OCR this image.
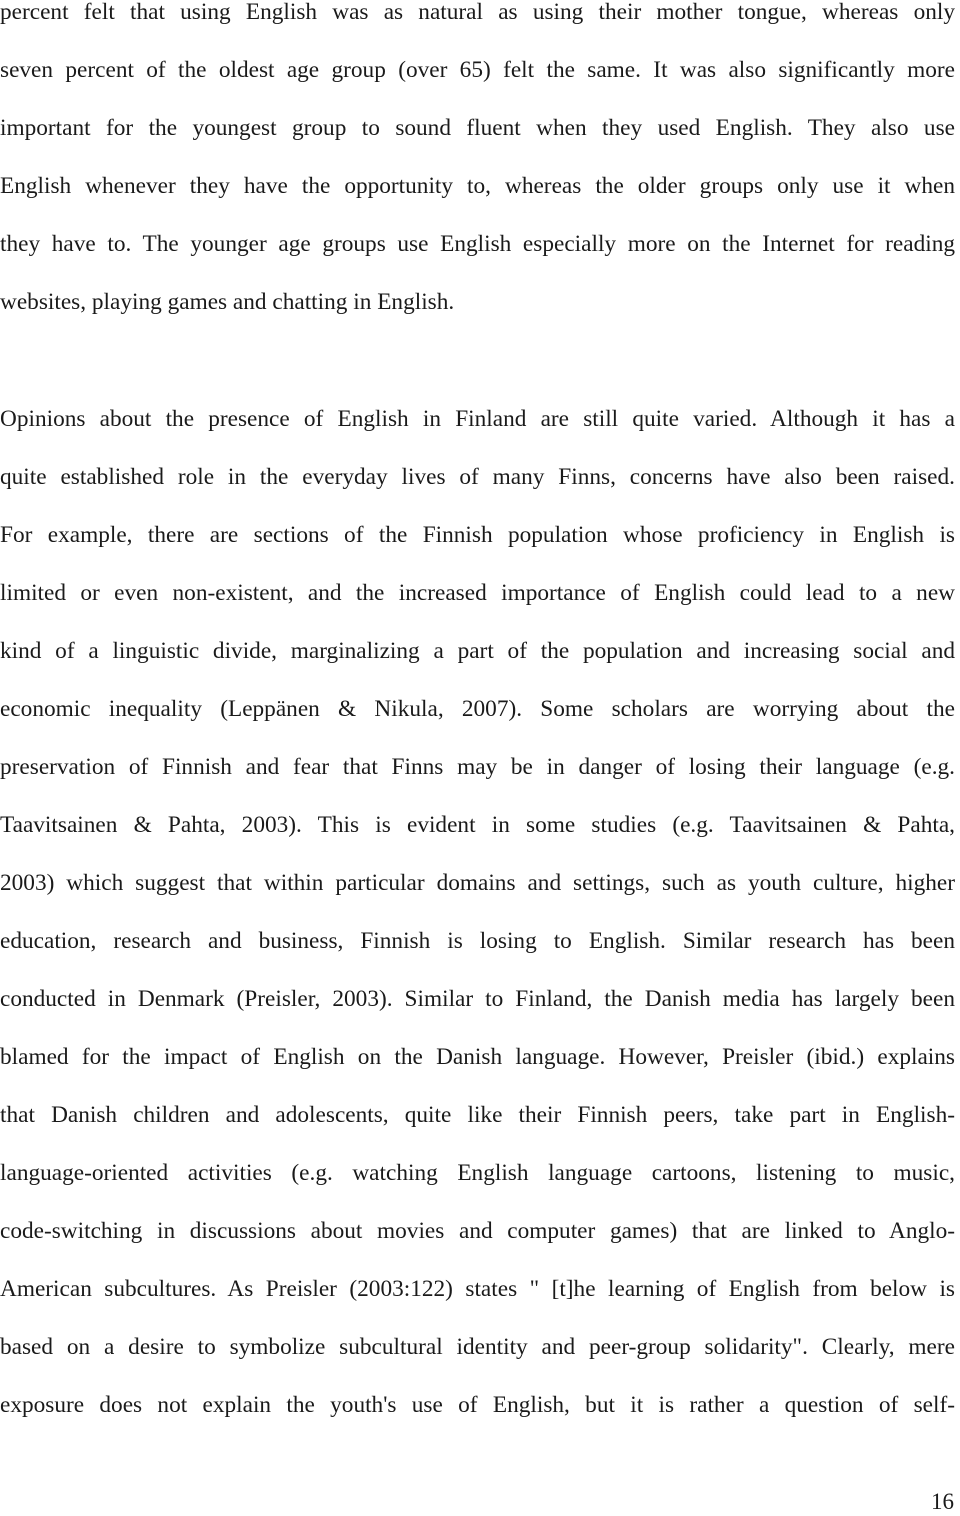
percent felt that using English was as natural as using their mother tongue, whereas only
seven percent of the oldest age group (over 65) felt the same. It was also significantly more
important for the youngest group to sound fluent when they used English. They also use
English whenever they have the opportunity to, whereas the older groups only use it when
they have to. The younger age groups use English especially more on the Internet for reading
websites, playing games and chatting in English.
Opinions about the presence of English in Finland are still quite varied. Although it has a
quite established role in the everyday lives of many Finns, concerns have also been raised.
For example, there are sections of the Finnish population whose proficiency in English is
limited or even non-existent, and the increased importance of English could lead to a new
kind of a linguistic divide, marginalizing a part of the population and increasing social and
economic inequality (Leppänen & Nikula, 2007). Some scholars are worrying about the
preservation of Finnish and fear that Finns may be in danger of losing their language (e.g.
Taavitsainen & Pahta, 2003). This is evident in some studies (e.g. Taavitsainen & Pahta,
2003) which suggest that within particular domains and settings, such as youth culture, higher
education, research and business, Finnish is losing to English. Similar research has been
conducted in Denmark (Preisler, 2003). Similar to Finland, the Danish media has largely been
blamed for the impact of English on the Danish language. However, Preisler (ibid.) explains
that Danish children and adolescents, quite like their Finnish peers, take part in English-
language-oriented activities (e.g. watching English language cartoons, listening to music,
code-switching in discussions about movies and computer games) that are linked to Anglo-
American subcultures. As Preisler (2003:122) states " [t]he learning of English from below is
based on a desire to symbolize subcultural identity and peer-group solidarity". Clearly, mere
exposure does not explain the youth's use of English, but it is rather a question of self-
16
